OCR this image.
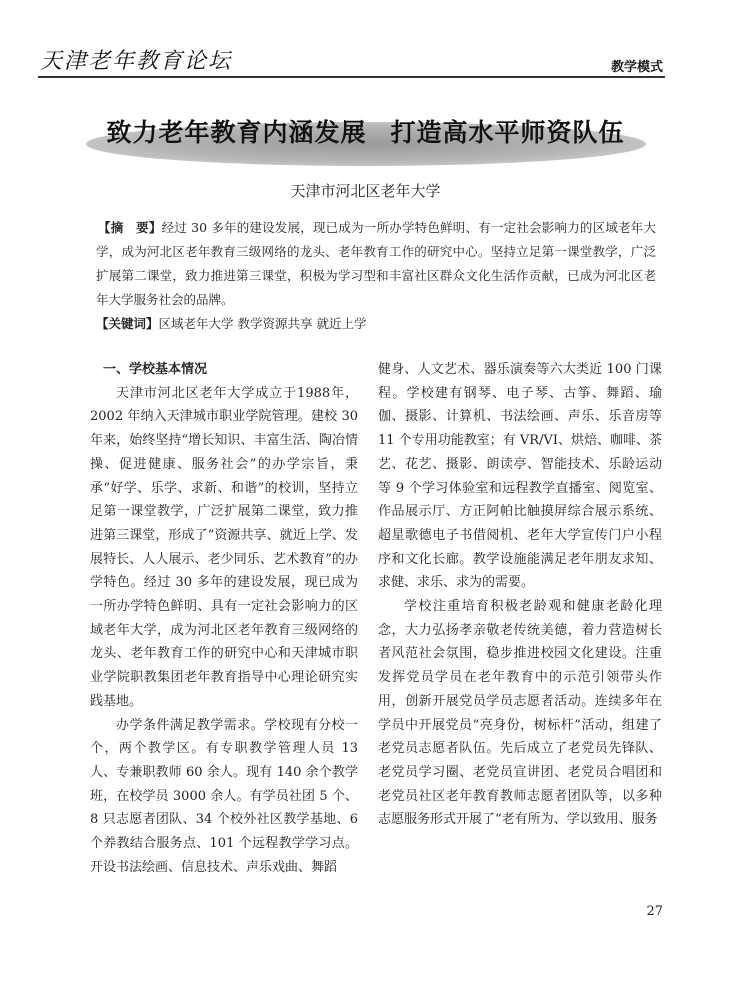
天津老年教育论坛	教学模式
致力老年教育内涵发展 打造高水平师资队伍
天津市河北区老年大学
【摘　要】经过 30 多年的建设发展，现已成为一所办学特色鲜明、有一定社会影响力的区域老年大学，成为河北区老年教育三级网络的龙头、老年教育工作的研究中心。坚持立足第一课堂教学，广泛扩展第二课堂，致力推进第三课堂，积极为学习型和丰富社区群众文化生活作贡献，已成为河北区老年大学服务社会的品牌。
【关键词】区域老年大学 教学资源共享 就近上学
一、学校基本情况

天津市河北区老年大学成立于1988年，2002 年纳入天津城市职业学院管理。建校 30 年来，始终坚持“增长知识、丰富生活、陶冶情操、促进健康、服务社会”的办学宗旨，秉承“好学、乐学、求新、和谐”的校训，坚持立足第一课堂教学，广泛扩展第二课堂，致力推进第三课堂，形成了“资源共享、就近上学、发展特长、人人展示、老少同乐、艺术教育”的办学特色。经过 30 多年的建设发展，现已成为一所办学特色鲜明、具有一定社会影响力的区域老年大学，成为河北区老年教育三级网络的龙头、老年教育工作的研究中心和天津城市职业学院职教集团老年教育指导中心理论研究实践基地。

办学条件满足教学需求。学校现有分校一个，两个教学区。有专职教学管理人员 13 人、专兼职教师 60 余人。现有 140 余个教学班，在校学员 3000 余人。有学员社团 5 个、8 只志愿者团队、34 个校外社区教学基地、6 个养教结合服务点、101 个远程教学学习点。开设书法绘画、信息技术、声乐戏曲、舞蹈

健身、人文艺术、器乐演奏等六大类近 100 门课程。学校建有钢琴、电子琴、古筝、舞蹈、瑜伽、摄影、计算机、书法绘画、声乐、乐音房等 11 个专用功能教室；有 VR/VI、烘焙、咖啡、茶艺、花艺、摄影、朗读亭、智能技术、乐龄运动等 9 个学习体验室和远程教学直播室、阅览室、作品展示厅、方正阿帕比触摸屏综合展示系统、超星歌德电子书借阅机、老年大学宣传门户小程序和文化长廊。教学设施能满足老年朋友求知、求健、求乐、求为的需要。

学校注重培育积极老龄观和健康老龄化理念，大力弘扬孝亲敬老传统美德，着力营造树长者风范社会氛围，稳步推进校园文化建设。注重发挥党员学员在老年教育中的示范引领带头作用，创新开展党员学员志愿者活动。连续多年在学员中开展党员“亮身份，树标杆”活动，组建了老党员志愿者队伍。先后成立了老党员先锋队、老党员学习圈、老党员宣讲团、老党员合唱团和老党员社区老年教育教师志愿者团队等，以多种志愿服务形式开展了“老有所为、学以致用、服务

27
